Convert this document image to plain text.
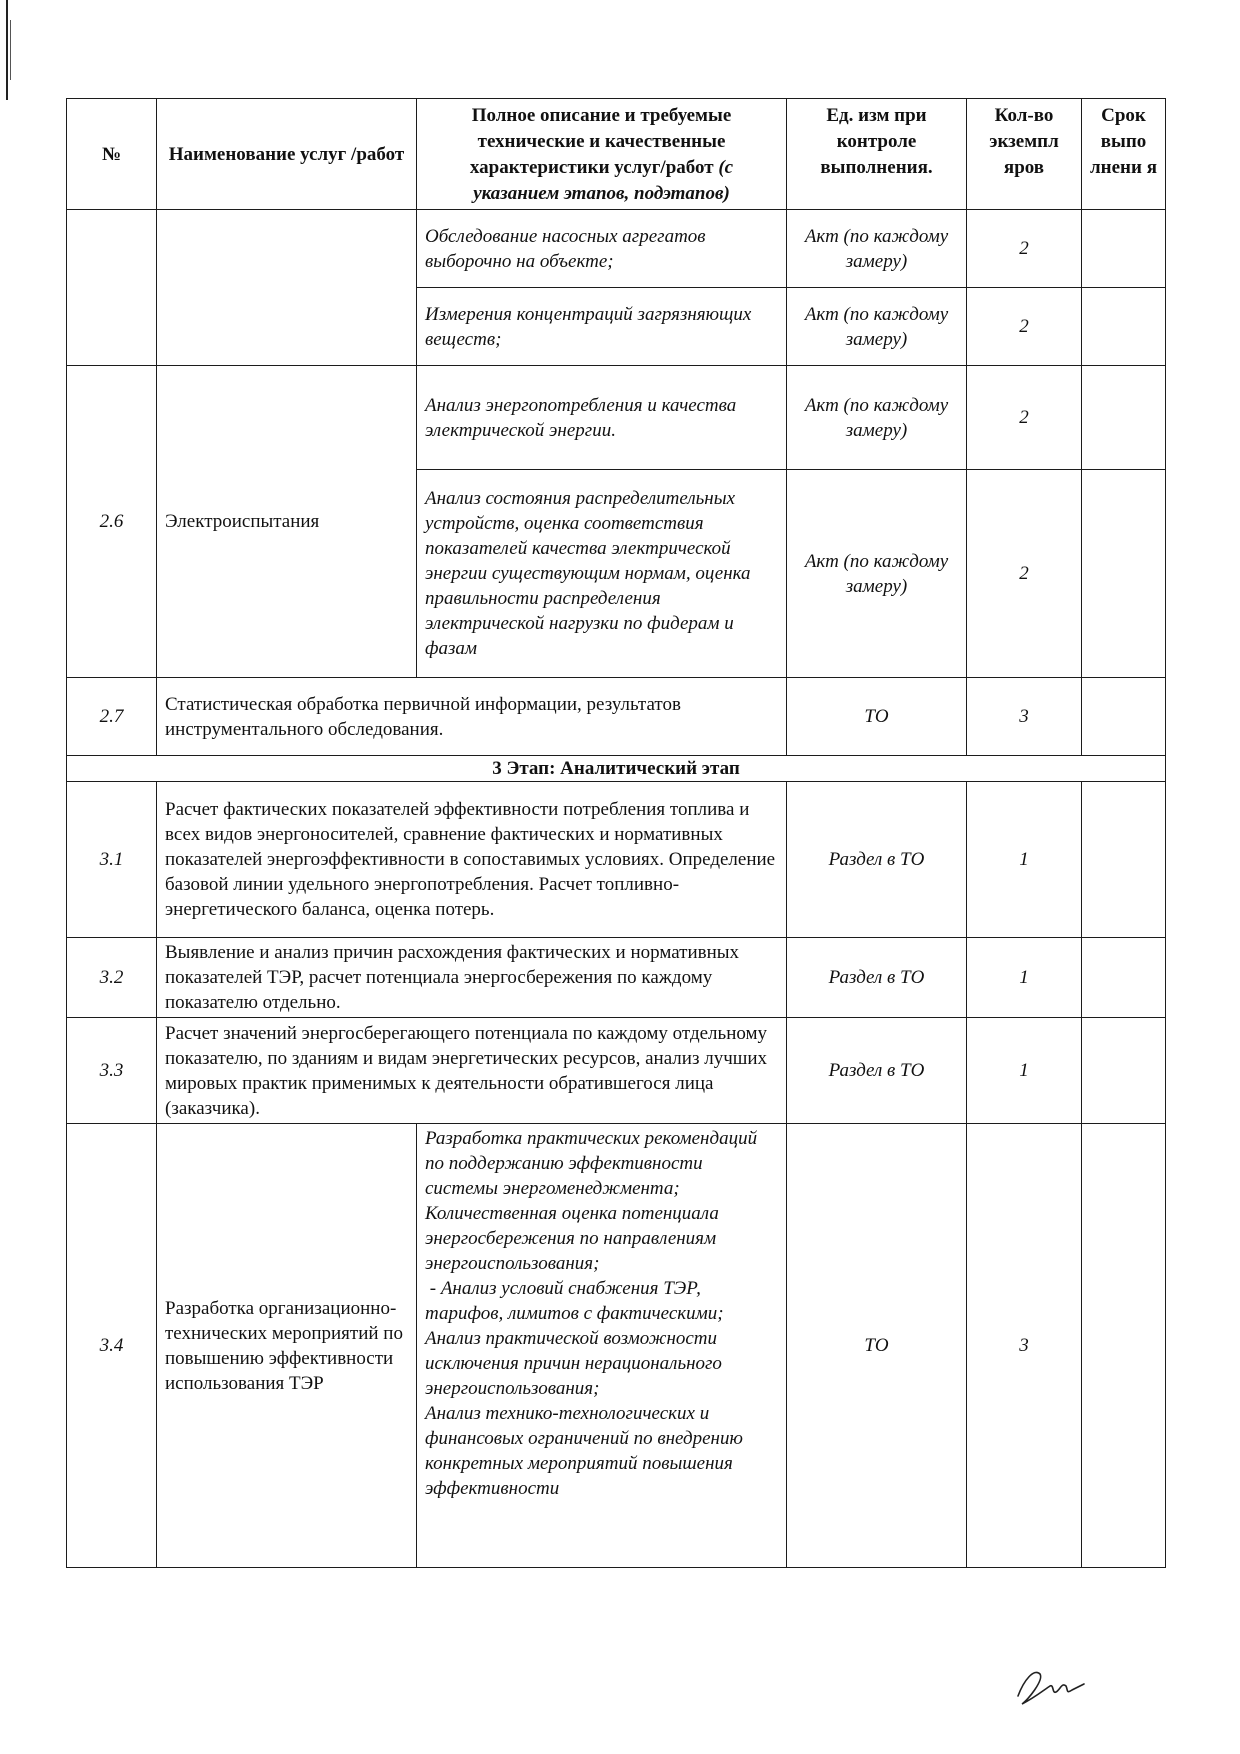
№	Наименование услуг /работ	Полное описание и требуемые технические и качественные характеристики услуг/работ (с указанием этапов, подэтапов)	Ед. изм при контроле выполнения.	Кол-во экземпл яров	Срок выпо лнени я
		Обследование насосных агрегатов выборочно на объекте;	Акт (по каждому замеру)	2	
		Измерения концентраций загрязняющих веществ;	Акт (по каждому замеру)	2	
2.6	Электроиспытания	Анализ энергопотребления и качества электрической энергии.	Акт (по каждому замеру)	2	
		Анализ состояния распределительных устройств, оценка соответствия показателей качества электрической энергии существующим нормам, оценка правильности распределения электрической нагрузки по фидерам и фазам	Акт (по каждому замеру)	2	
2.7	Статистическая обработка первичной информации, результатов инструментального обследования.		ТО	3	
3 Этап: Аналитический этап					
3.1	Расчет фактических показателей эффективности потребления топлива и всех видов энергоносителей, сравнение фактических и нормативных показателей энергоэффективности в сопоставимых условиях. Определение базовой линии удельного энергопотребления. Расчет топливно-энергетического баланса, оценка потерь.		Раздел в ТО	1	
3.2	Выявление и анализ причин расхождения фактических и нормативных показателей ТЭР, расчет потенциала энергосбережения по каждому показателю отдельно.		Раздел в ТО	1	
3.3	Расчет значений энергосберегающего потенциала по каждому отдельному показателю, по зданиям и видам энергетических ресурсов, анализ лучших мировых практик применимых к деятельности обратившегося лица (заказчика).		Раздел в ТО	1	
3.4	Разработка организационно-технических мероприятий по повышению эффективности использования ТЭР	Разработка практических рекомендаций по поддержанию эффективности системы энергоменеджмента;
Количественная оценка потенциала энергосбережения по направлениям энергоиспользования;
- Анализ условий снабжения ТЭР, тарифов, лимитов с фактическими;
Анализ практической возможности исключения причин нерационального энергоиспользования;
Анализ технико-технологических и финансовых ограничений по внедрению конкретных мероприятий повышения эффективности	ТО	3	
